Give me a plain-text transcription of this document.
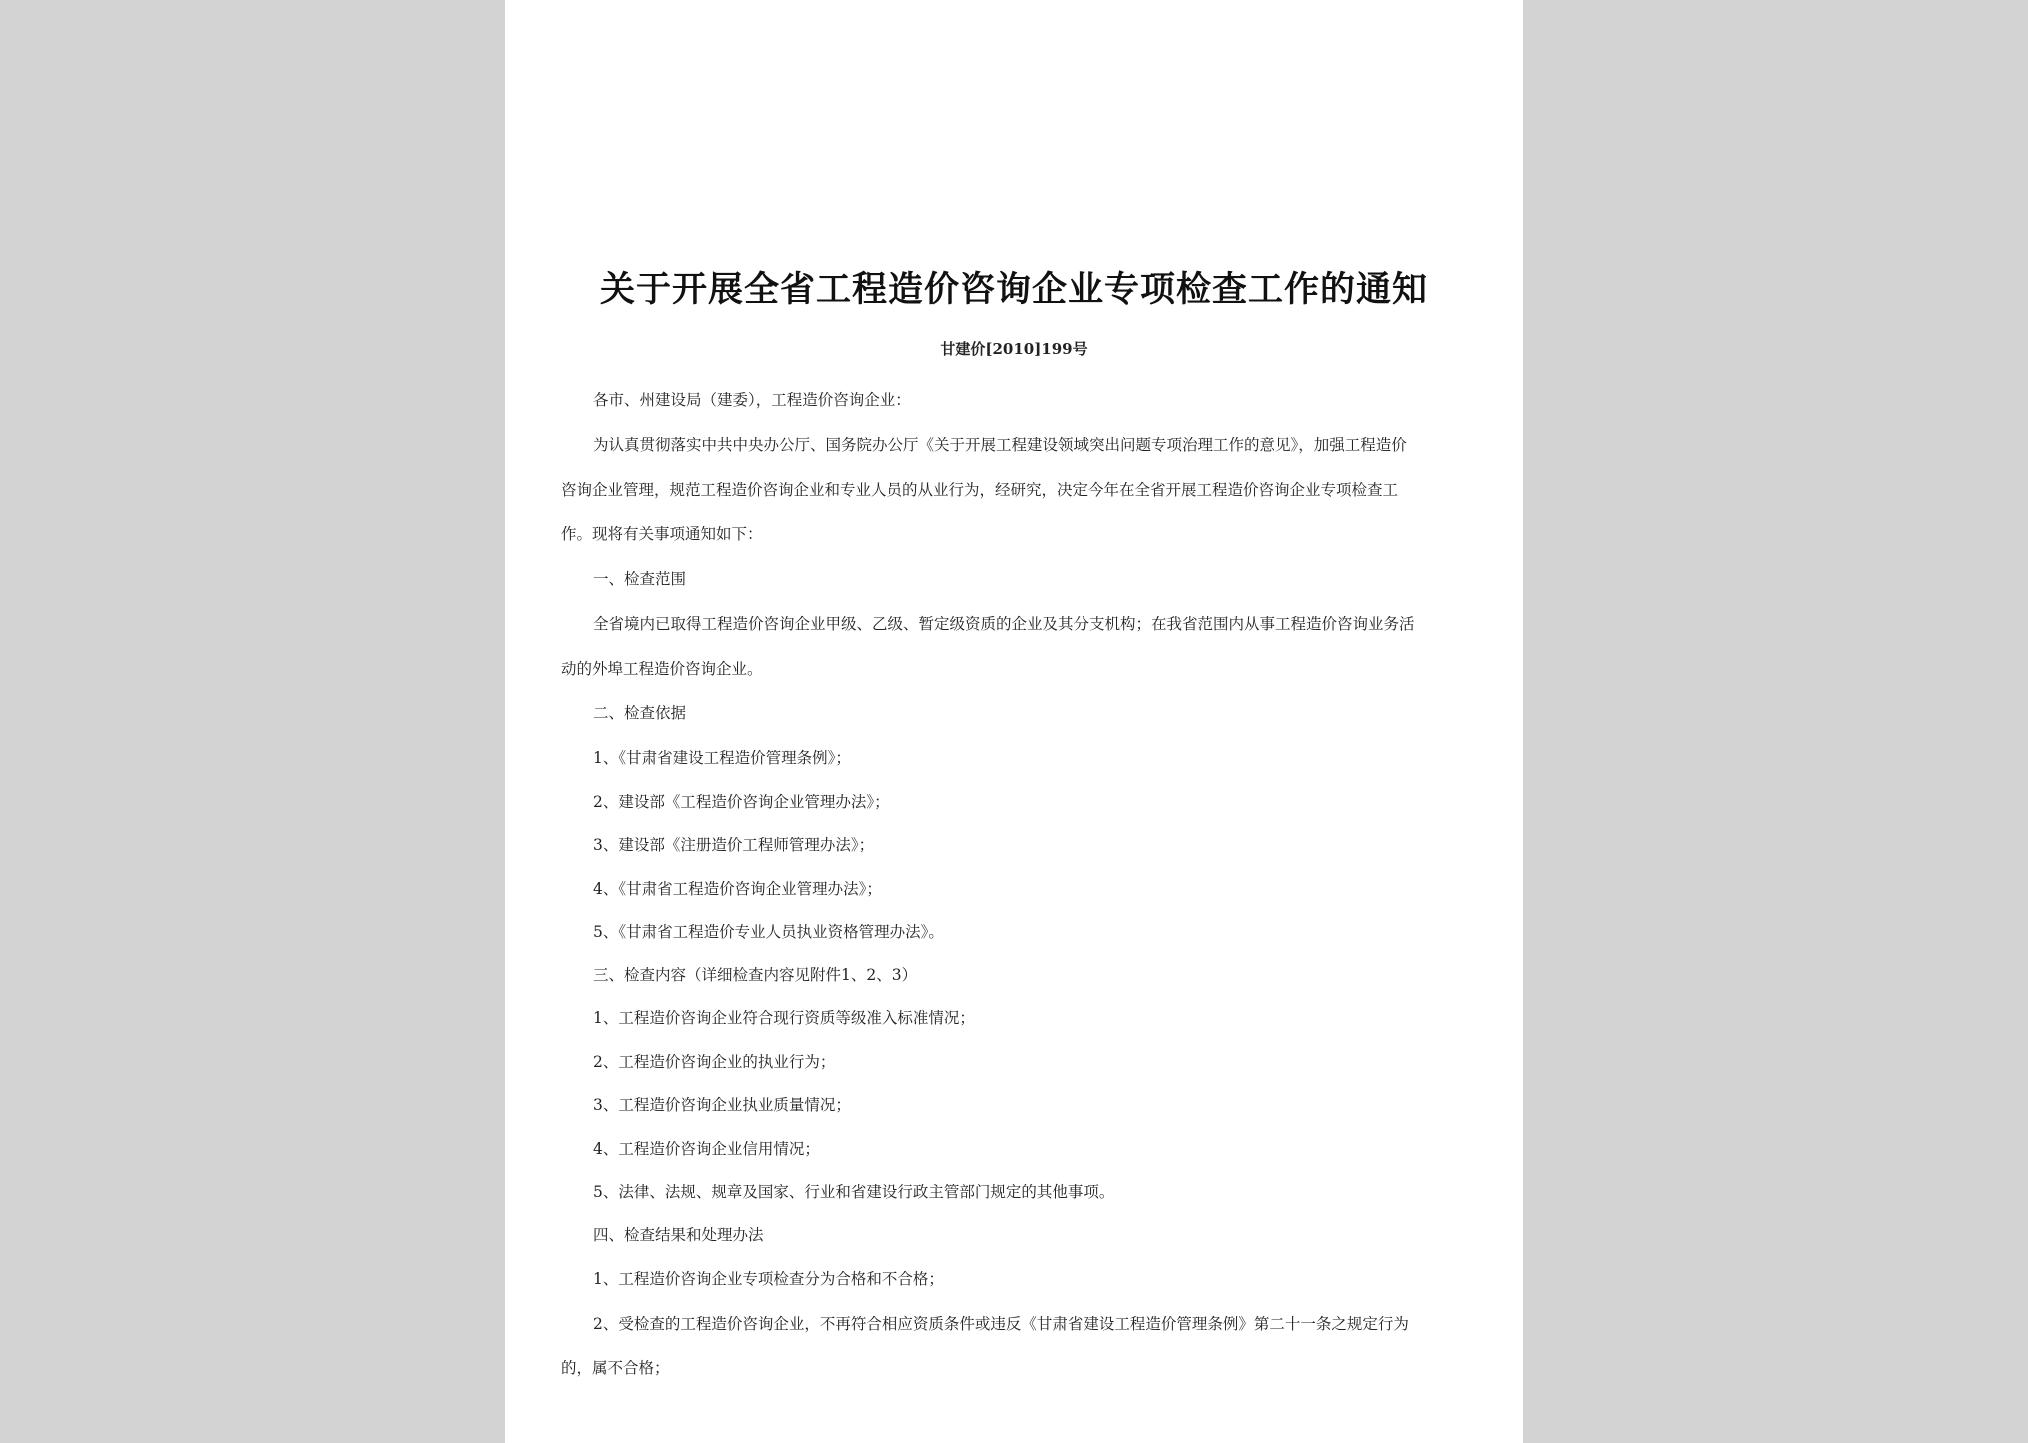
关于开展全省工程造价咨询企业专项检查工作的通知
甘建价[2010]199号
各市、州建设局（建委），工程造价咨询企业：
为认真贯彻落实中共中央办公厅、国务院办公厅《关于开展工程建设领域突出问题专项治理工作的意见》，加强工程造价
咨询企业管理，规范工程造价咨询企业和专业人员的从业行为，经研究，决定今年在全省开展工程造价咨询企业专项检查工
作。现将有关事项通知如下：
一、检查范围
全省境内已取得工程造价咨询企业甲级、乙级、暂定级资质的企业及其分支机构；在我省范围内从事工程造价咨询业务活
动的外埠工程造价咨询企业。
二、检查依据
1、《甘肃省建设工程造价管理条例》；
2、建设部《工程造价咨询企业管理办法》；
3、建设部《注册造价工程师管理办法》；
4、《甘肃省工程造价咨询企业管理办法》；
5、《甘肃省工程造价专业人员执业资格管理办法》。
三、检查内容（详细检查内容见附件1、2、3）
1、工程造价咨询企业符合现行资质等级准入标准情况；
2、工程造价咨询企业的执业行为；
3、工程造价咨询企业执业质量情况；
4、工程造价咨询企业信用情况；
5、法律、法规、规章及国家、行业和省建设行政主管部门规定的其他事项。
四、检查结果和处理办法
1、工程造价咨询企业专项检查分为合格和不合格；
2、受检查的工程造价咨询企业，不再符合相应资质条件或违反《甘肃省建设工程造价管理条例》第二十一条之规定行为
的，属不合格；
